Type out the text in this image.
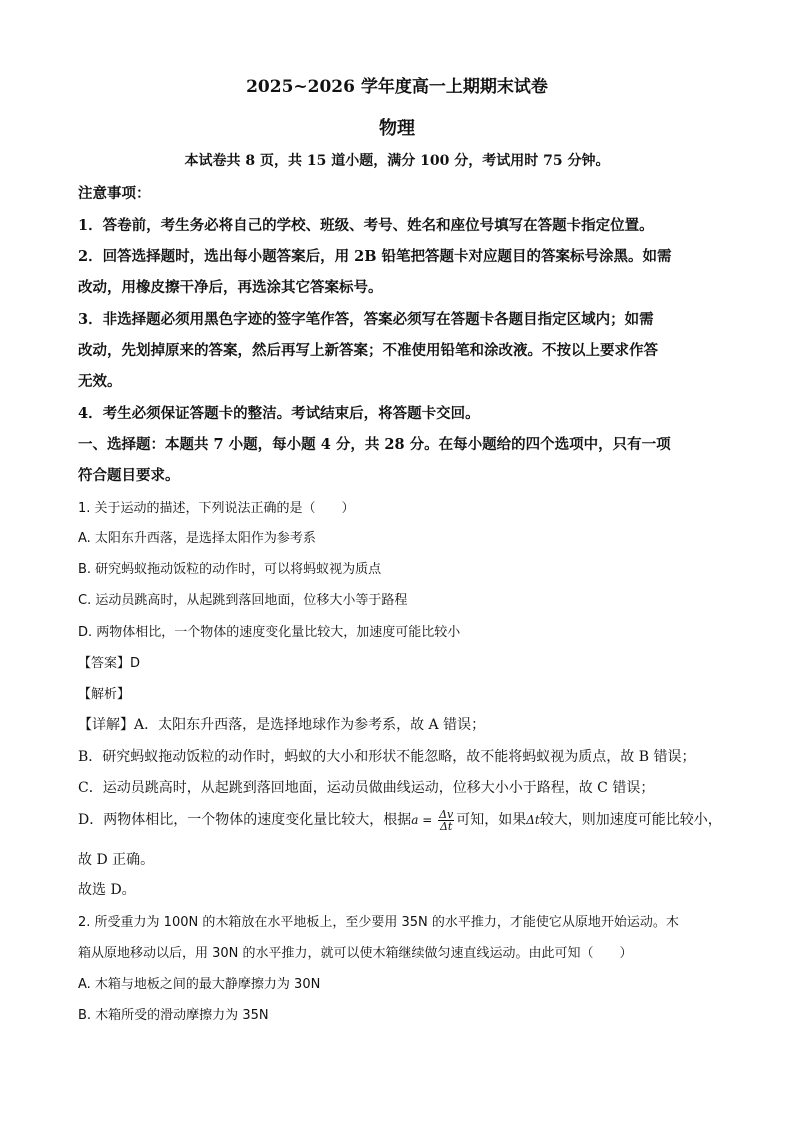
2025~2026 学年度高一上期期末试卷
物理
本试卷共 8 页，共 15 道小题，满分 100 分，考试用时 75 分钟。
注意事项：
1．答卷前，考生务必将自己的学校、班级、考号、姓名和座位号填写在答题卡指定位置。
2．回答选择题时，选出每小题答案后，用 2B 铅笔把答题卡对应题目的答案标号涂黑。如需
改动，用橡皮擦干净后，再选涂其它答案标号。
3．非选择题必须用黑色字迹的签字笔作答，答案必须写在答题卡各题目指定区域内；如需
改动，先划掉原来的答案，然后再写上新答案；不准使用铅笔和涂改液。不按以上要求作答
无效。
4．考生必须保证答题卡的整洁。考试结束后，将答题卡交回。
一、选择题：本题共 7 小题，每小题 4 分，共 28 分。在每小题给的四个选项中，只有一项
符合题目要求。
1. 关于运动的描述，下列说法正确的是（　　）
A. 太阳东升西落，是选择太阳作为参考系
B. 研究蚂蚁拖动饭粒的动作时，可以将蚂蚁视为质点
C. 运动员跳高时，从起跳到落回地面，位移大小等于路程
D. 两物体相比，一个物体的速度变化量比较大，加速度可能比较小
【答案】D
【解析】
【详解】A．太阳东升西落，是选择地球作为参考系，故 A 错误；
B．研究蚂蚁拖动饭粒的动作时，蚂蚁的大小和形状不能忽略，故不能将蚂蚁视为质点，故 B 错误；
C．运动员跳高时，从起跳到落回地面，运动员做曲线运动，位移大小小于路程，故 C 错误；
D．两物体相比，一个物体的速度变化量比较大，根据$a = \frac{\Delta v}{\Delta t}$ 可知，如果Δt较大，则加速度可能比较小，
故 D 正确。
故选 D。
2. 所受重力为 100N 的木箱放在水平地板上，至少要用 35N 的水平推力，才能使它从原地开始运动。木
箱从原地移动以后，用 30N 的水平推力，就可以使木箱继续做匀速直线运动。由此可知（　　）
A. 木箱与地板之间的最大静摩擦力为 30N
B. 木箱所受的滑动摩擦力为 35N
